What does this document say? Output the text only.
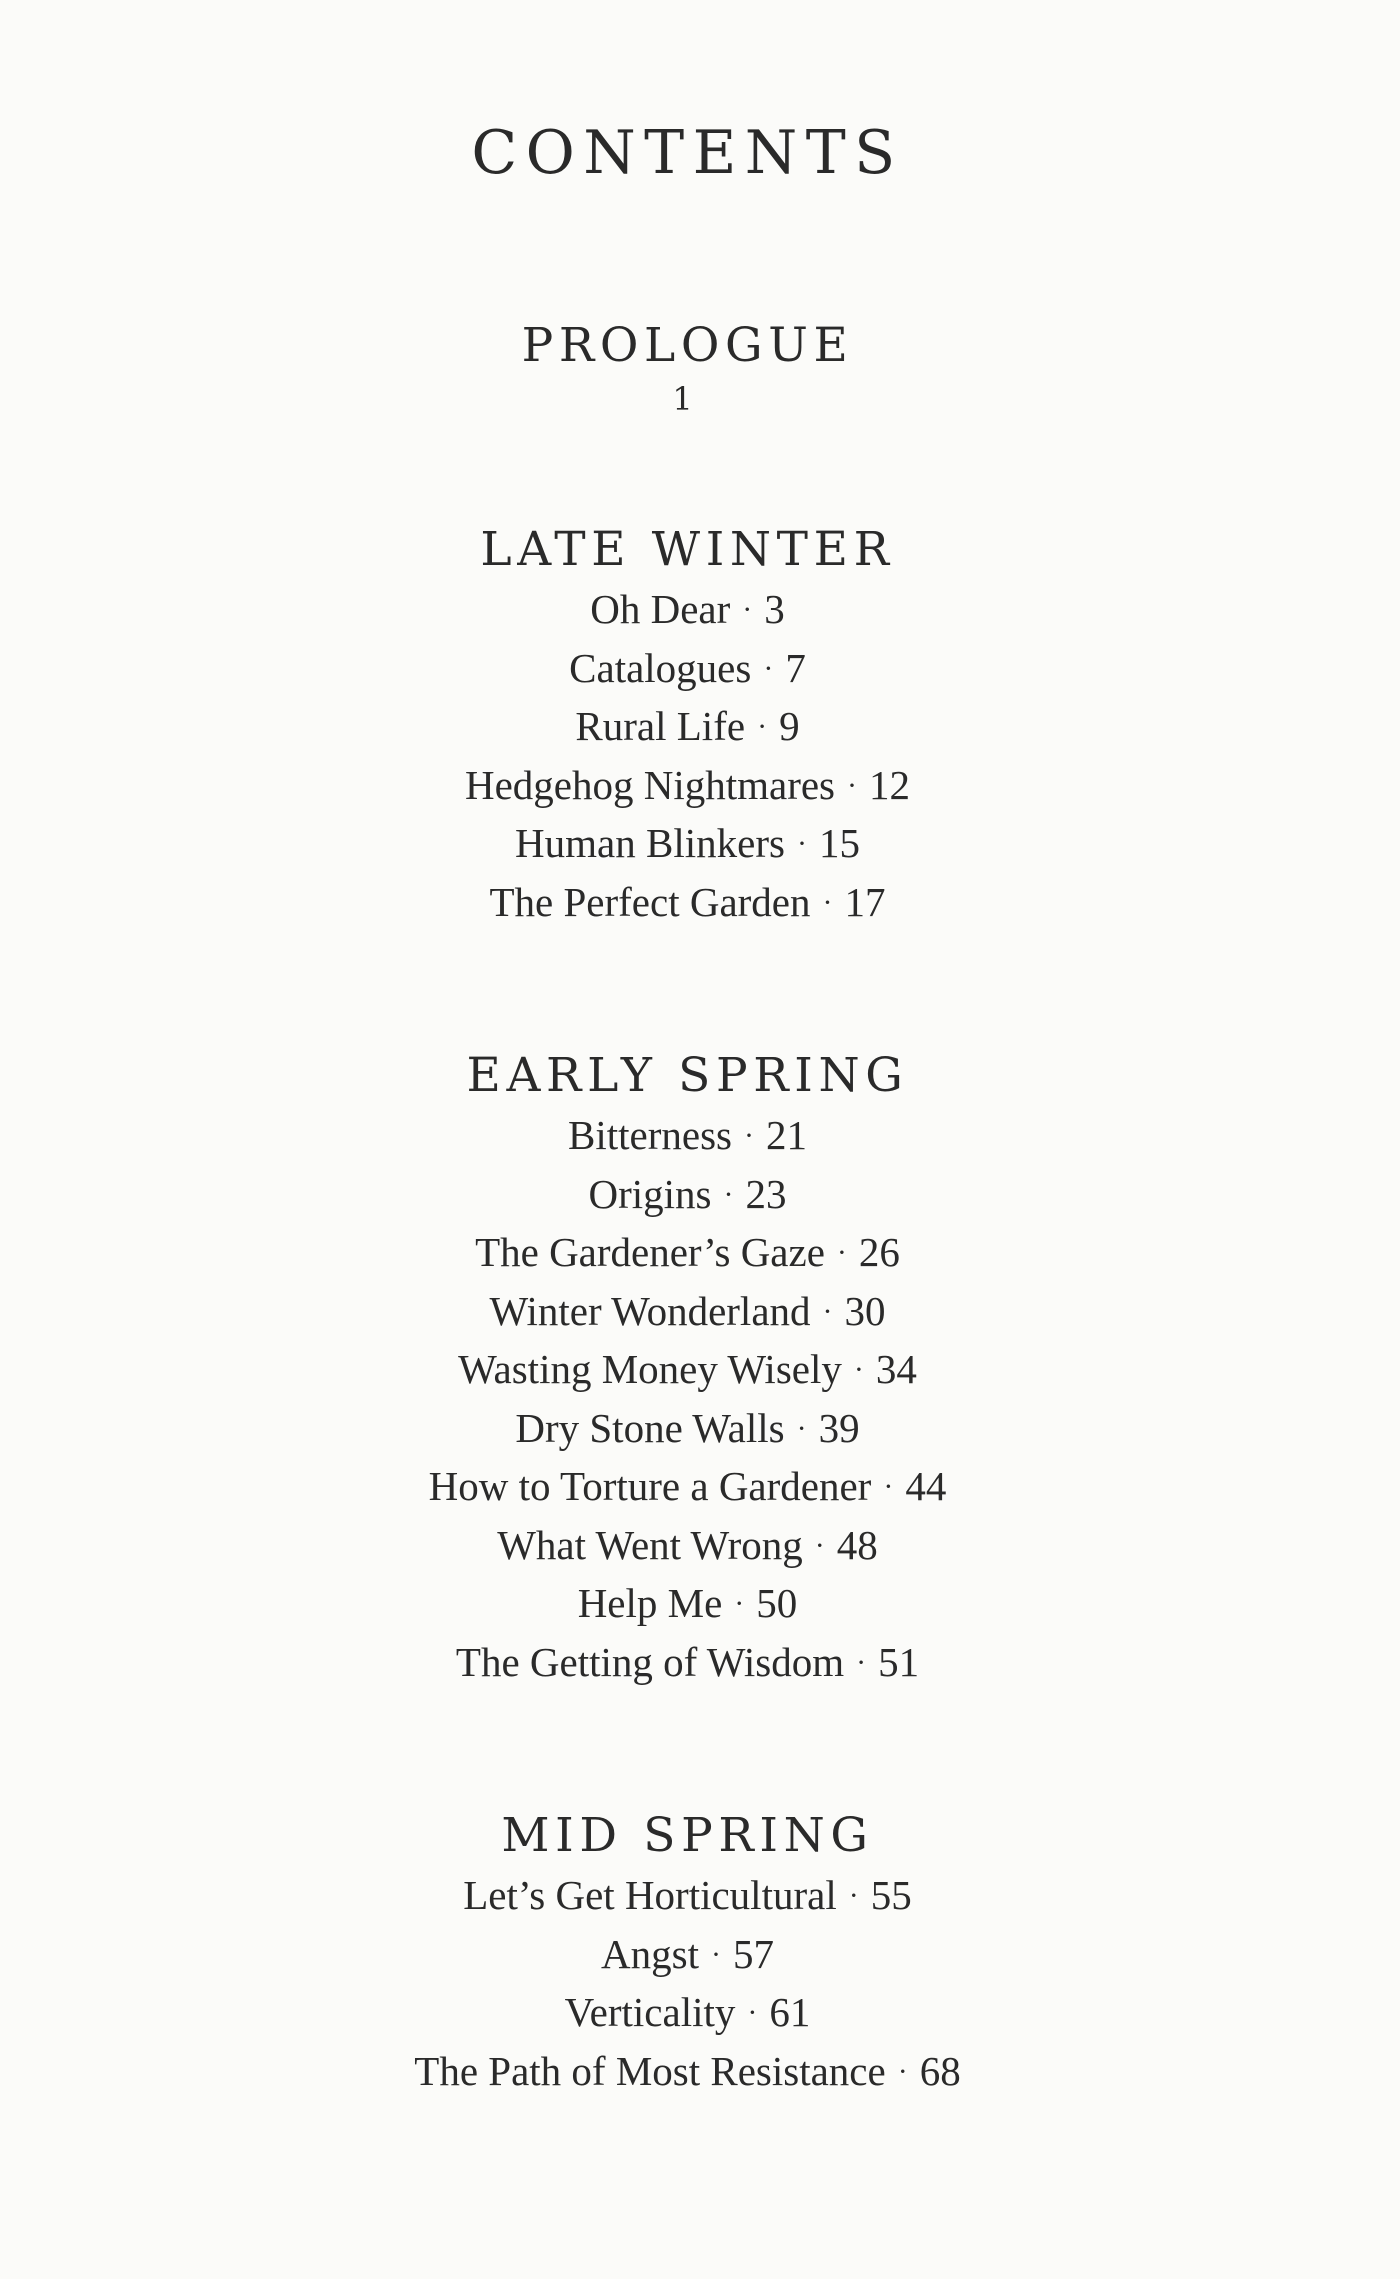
CONTENTS
PROLOGUE
1
LATE WINTER
Oh Dear · 3
Catalogues · 7
Rural Life · 9
Hedgehog Nightmares · 12
Human Blinkers · 15
The Perfect Garden · 17
EARLY SPRING
Bitterness · 21
Origins · 23
The Gardener’s Gaze · 26
Winter Wonderland · 30
Wasting Money Wisely · 34
Dry Stone Walls · 39
How to Torture a Gardener · 44
What Went Wrong · 48
Help Me · 50
The Getting of Wisdom · 51
MID SPRING
Let’s Get Horticultural · 55
Angst · 57
Verticality · 61
The Path of Most Resistance · 68
